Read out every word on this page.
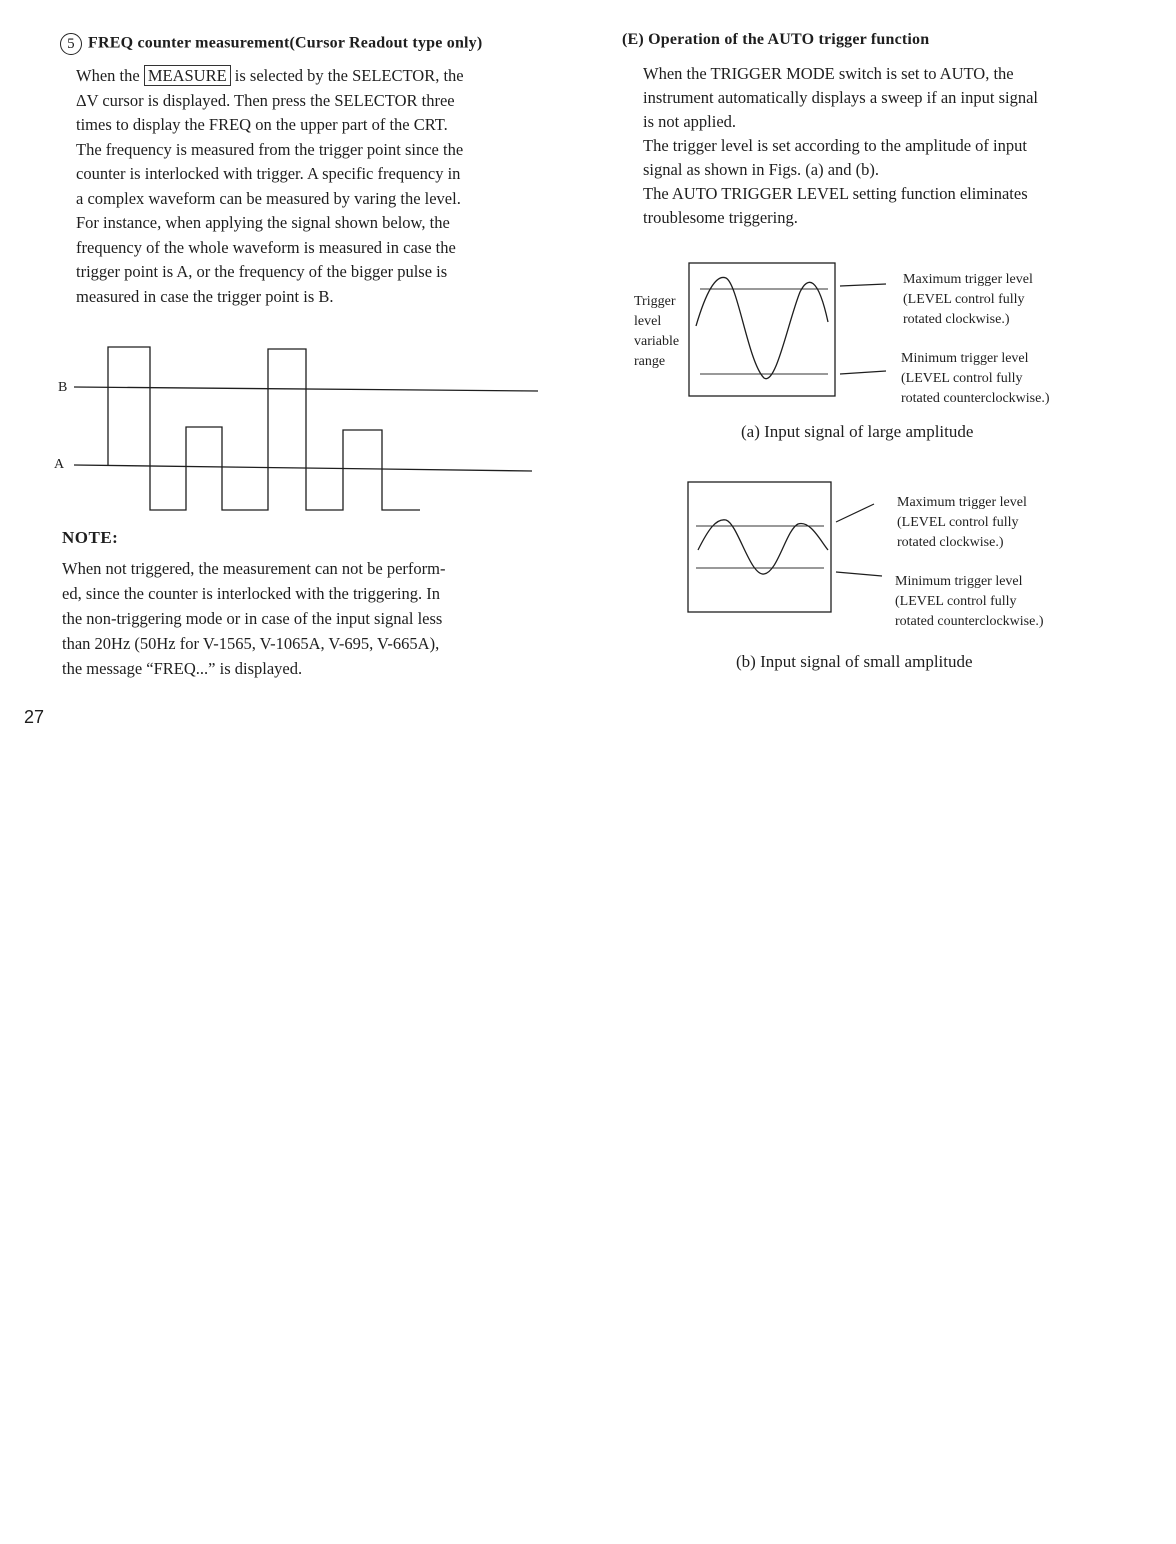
5 FREQ counter measurement(Cursor Readout type only)

When the MEASURE is selected by the SELECTOR, the

ΔV cursor is displayed. Then press the SELECTOR three

times to display the FREQ on the upper part of the CRT.

The frequency is measured from the trigger point since the

counter is interlocked with trigger. A specific frequency in

a complex waveform can be measured by varing the level.

For instance, when applying the signal shown below, the

frequency of the whole waveform is measured in case the

trigger point is A, or the frequency of the bigger pulse is

measured in case the trigger point is B.

B
A
NOTE:

When not triggered, the measurement can not be perform-

ed, since the counter is interlocked with the triggering. In

the non-triggering mode or in case of the input signal less

than 20Hz (50Hz for V-1565, V-1065A, V-695, V-665A),

the message “FREQ...” is displayed.

27
(E) Operation of the AUTO trigger function

When the TRIGGER MODE switch is set to AUTO, the

instrument automatically displays a sweep if an input signal

is not applied.

The trigger level is set according to the amplitude of input

signal as shown in Figs. (a) and (b).

The AUTO TRIGGER LEVEL setting function eliminates

troublesome triggering.

Trigger
level
variable
range
Maximum trigger level
(LEVEL control fully
rotated clockwise.)
Minimum trigger level
(LEVEL control fully
rotated counterclockwise.)
(a) Input signal of large amplitude
Maximum trigger level
(LEVEL control fully
rotated clockwise.)
Minimum trigger level
(LEVEL control fully
rotated counterclockwise.)
(b) Input signal of small amplitude
